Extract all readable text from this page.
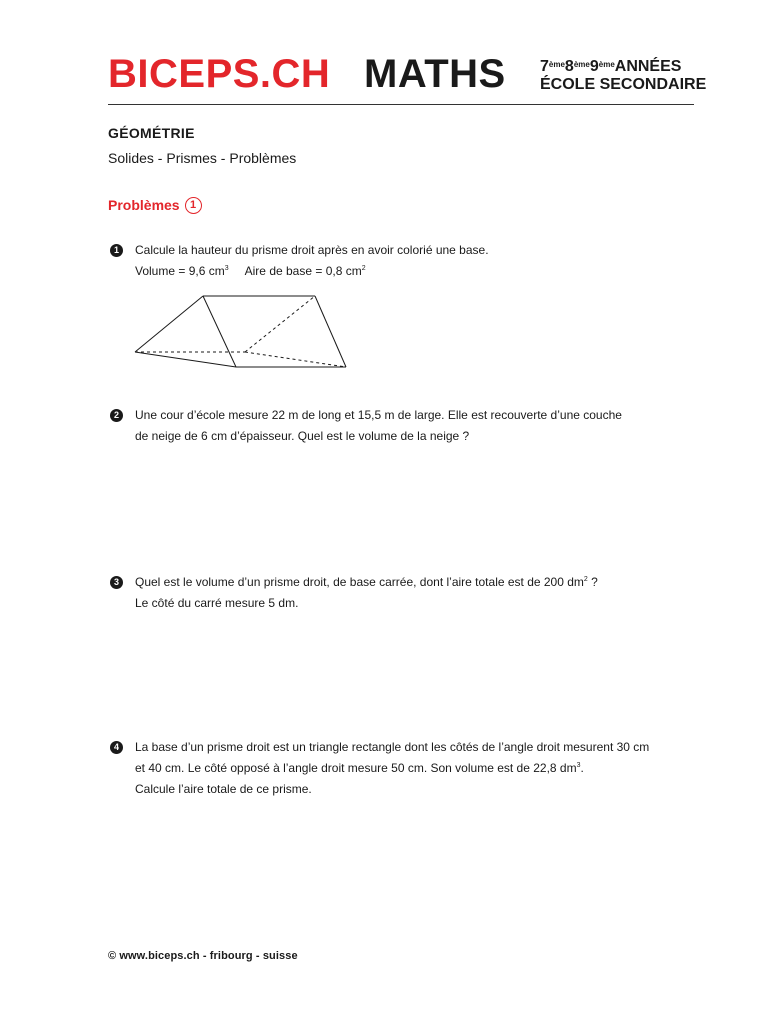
BICEPS.CH MATHS 7ème8ème9èmeANNÉES
ÉCOLE SECONDAIRE
GÉOMÉTRIE
Solides - Prismes - Problèmes
Problèmes 1
1	Calcule la hauteur du prisme droit après en avoir colorié une base.
Volume = 9,6 $cm^3$ Aire de base = 0,8 $cm^2$
2	Une cour d’école mesure 22 m de long et 15,5 m de large. Elle est recouverte d’une couche
de neige de 6 cm d’épaisseur. Quel est le volume de la neige ?
3	Quel est le volume d’un prisme droit, de base carrée, dont l’aire totale est de 200 $dm^2$ ?
Le côté du carré mesure 5 dm.
4	La base d’un prisme droit est un triangle rectangle dont les côtés de l’angle droit mesurent 30 cm
et 40 cm. Le côté opposé à l’angle droit mesure 50 cm. Son volume est de 22,8 $dm^3$.
Calcule l’aire totale de ce prisme.
© www.biceps.ch - fribourg - suisse
